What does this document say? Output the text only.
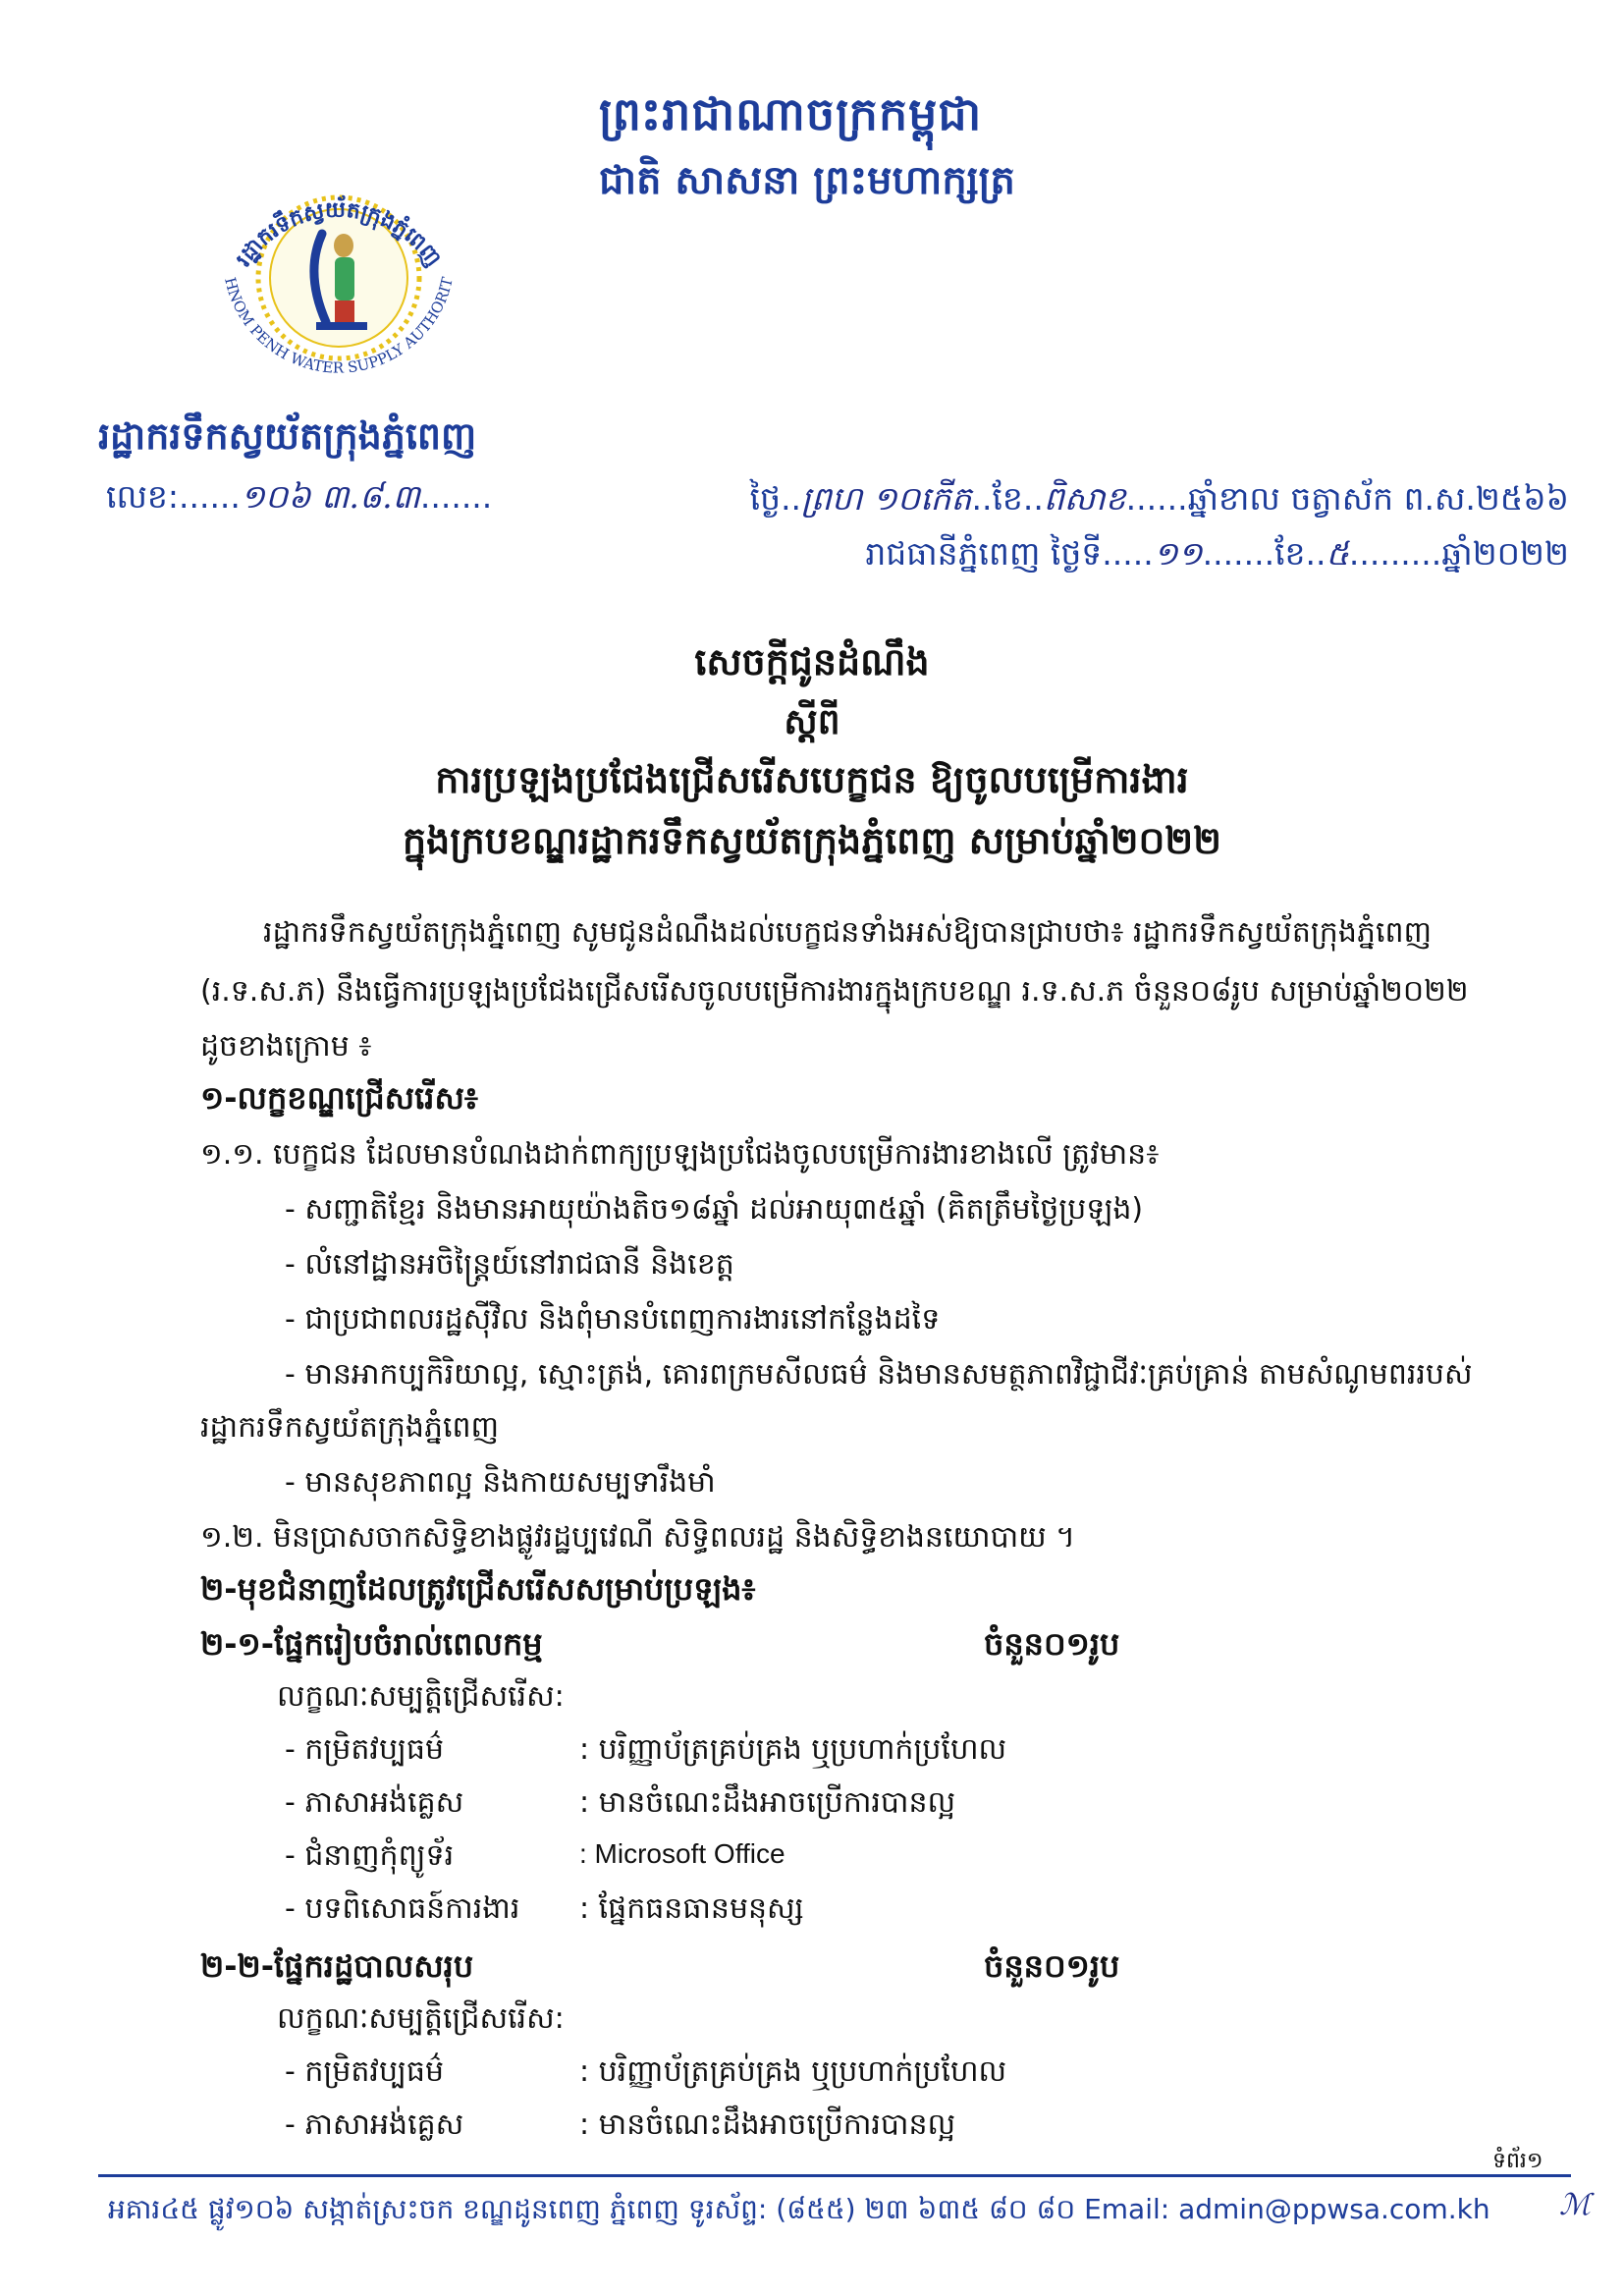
ព្រះរាជាណាចក្រកម្ពុជា
ជាតិ សាសនា ព្រះមហាក្សត្រ
រដ្ឋាករទឹកស្វយ័តក្រុងភ្នំពេញ
HNOM PENH WATER SUPPLY AUTHORIT
រដ្ឋាករទឹកស្វយ័តក្រុងភ្នំពេញ
លេខ:......១០៦ ៣.៨.៣.......	ថ្ងៃ..ព្រហ ១០កើត..ខែ..ពិសាខ......ឆ្នាំខាល ចត្វាស័ក ព.ស.២៥៦៦
រាជធានីភ្នំពេញ ថ្ងៃទី.....១១.......ខែ..៥.........ឆ្នាំ២០២២
សេចក្តីជូនដំណឹង
ស្តីពី
ការប្រឡងប្រជែងជ្រើសរើសបេក្ខជន ឱ្យចូលបម្រើការងារ
ក្នុងក្របខណ្ឌរដ្ឋាករទឹកស្វយ័តក្រុងភ្នំពេញ សម្រាប់ឆ្នាំ២០២២
រដ្ឋាករទឹកស្វយ័តក្រុងភ្នំពេញ សូមជូនដំណឹងដល់បេក្ខជនទាំងអស់ឱ្យបានជ្រាបថា៖ រដ្ឋាករទឹកស្វយ័តក្រុងភ្នំពេញ
(រ.ទ.ស.ភ) នឹងធ្វើការប្រឡងប្រជែងជ្រើសរើសចូលបម្រើការងារក្នុងក្របខណ្ឌ រ.ទ.ស.ភ ចំនួន០៨រូប សម្រាប់ឆ្នាំ២០២២
ដូចខាងក្រោម ៖
១-លក្ខខណ្ឌជ្រើសរើស៖
១.១. បេក្ខជន ដែលមានបំណងដាក់ពាក្យប្រឡងប្រជែងចូលបម្រើការងារខាងលើ ត្រូវមាន៖
- សញ្ជាតិខ្មែរ និងមានអាយុយ៉ាងតិច១៨ឆ្នាំ ដល់អាយុ៣៥ឆ្នាំ (គិតត្រឹមថ្ងៃប្រឡង)
- លំនៅដ្ឋានអចិន្ត្រៃយ៍នៅរាជធានី និងខេត្ត
- ជាប្រជាពលរដ្ឋស៊ីវិល និងពុំមានបំពេញការងារនៅកន្លែងដទៃ
- មានអាកប្បកិរិយាល្អ, ស្មោះត្រង់, គោរពក្រមសីលធម៌ និងមានសមត្ថភាពវិជ្ជាជីវៈគ្រប់គ្រាន់ តាមសំណូមពររបស់
រដ្ឋាករទឹកស្វយ័តក្រុងភ្នំពេញ
- មានសុខភាពល្អ និងកាយសម្បទារឹងមាំ
១.២. មិនប្រាសចាកសិទ្ធិខាងផ្លូវរដ្ឋប្បវេណី សិទ្ធិពលរដ្ឋ និងសិទ្ធិខាងនយោបាយ ។
២-មុខជំនាញដែលត្រូវជ្រើសរើសសម្រាប់ប្រឡង៖
២-១-ផ្នែករៀបចំរាល់ពេលកម្ម	ចំនួន០១រូប
លក្ខណៈសម្បត្តិជ្រើសរើស:
- កម្រិតវប្បធម៌	: បរិញ្ញាប័ត្រគ្រប់គ្រង ឬប្រហាក់ប្រហែល
- ភាសាអង់គ្លេស	: មានចំណេះដឹងអាចប្រើការបានល្អ
- ជំនាញកុំព្យូទ័រ	: Microsoft Office
- បទពិសោធន៍ការងារ : ផ្នែកធនធានមនុស្ស
២-២-ផ្នែករដ្ឋបាលសរុប	ចំនួន០១រូប
លក្ខណៈសម្បត្តិជ្រើសរើស:
- កម្រិតវប្បធម៌	: បរិញ្ញាប័ត្រគ្រប់គ្រង ឬប្រហាក់ប្រហែល
- ភាសាអង់គ្លេស	: មានចំណេះដឹងអាចប្រើការបានល្អ
ទំព័រ១
អគារ៤៥ ផ្លូវ១០៦ សង្កាត់ស្រះចក ខណ្ឌដូនពេញ ភ្នំពេញ ទូរស័ព្ទ: (៨៥៥) ២៣ ៦៣៥ ៨០ ៨០ Email: admin@ppwsa.com.kh ℳ
